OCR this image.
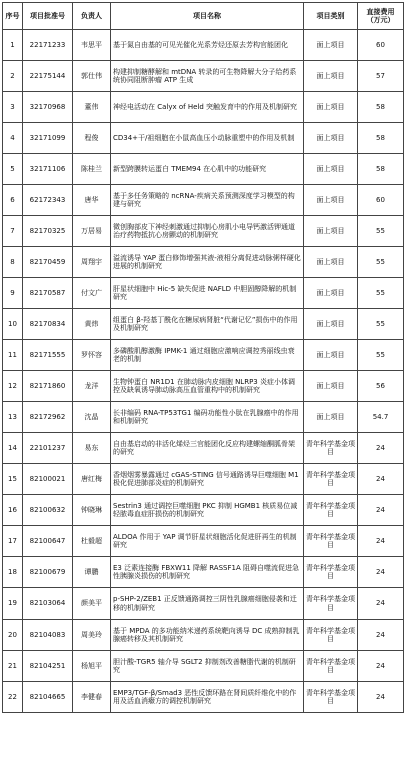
序号	项目批准号	负责人	项目名称	项目类别	直接费用
（万元）
1	22171233	韦思平	基于氮自由基的可见光催化光系芳烃还原去芳构官能团化	面上项目	60
2	22175144	郭仕伟	构建抑制糖酵解和 mtDNA 转录的可生物降解大分子给药系统协同阻断肿瘤 ATP 生成	面上项目	57
3	32170968	董伟	神经电活动在 Calyx of Held 突触发育中的作用及机制研究	面上项目	58
4	32171099	程俊	CD34+干/祖细胞在小鼠高血压小动脉重塑中的作用及机制	面上项目	58
5	32171106	陈桂兰	新型跨膜转运蛋白 TMEM94 在心肌中的功能研究	面上项目	58
6	62172343	唐华	基于多任务策略的 ncRNA-疾病关系预测深度学习模型的构建与研究	面上项目	60
7	82170325	万居易	微创胸部皮下神经刺激通过抑制心房肌小电导钙激活钾通道治疗药物抵抗心房颤动的机制研究	面上项目	55
8	82170459	周翔宇	溢流诱导 YAP 蛋白修饰增强其液-液相分离促进动脉粥样硬化进展的机制研究	面上项目	55
9	82170587	付文广	肝星状细胞中 Hic-5 缺失促进 NAFLD 中胆固醇降解的机制研究	面上项目	55
10	82170834	黄炜	组蛋白 β-羟基丁酰化在糖尿病肾脏“代谢记忆”损伤中的作用及机制研究	面上项目	55
11	82171555	罗怀容	多磷酸肌醇激酶 IPMK-1 通过细胞应激响应调控秀丽线虫衰老的机制	面上项目	55
12	82171860	龙洋	生物钟蛋白 NR1D1 在肺动脉内皮细胞 NLRP3 炎症小体调控及缺氧诱导肺动脉高压血管重构中的机制研究	面上项目	56
13	82172962	沈晶	长非编码 RNA-TP53TG1 编码功能性小肽在乳腺癌中的作用和机制研究	面上项目	54.7
14	22101237	易东	自由基启动的非活化烯烃三官能团化反应构建螺缩酮胍骨架的研究	青年科学基金项目	24
15	82100021	唐红梅	香烟烟雾暴露通过 cGAS-STING 信号通路诱导巨噬细胞 M1 极化促进肺部炎症的机制研究	青年科学基金项目	24
16	82100632	钟晓琳	Sestrin3 通过调控巨噬细胞 PKC 抑制 HGMB1 核质易位减轻脓毒血症肝损伤的机制研究	青年科学基金项目	24
17	82100647	杜毅超	ALDOA 作用于 YAP 调节肝星状细胞活化促进肝再生的机制研究	青年科学基金项目	24
18	82100679	谭鹏	E3 泛素连接酶 FBXW11 降解 RASSF1A 阻碍自噬流促进急性胰腺炎损伤的机制研究	青年科学基金项目	24
19	82103064	颜美平	p-SHP-2/ZEB1 正反馈通路调控三阴性乳腺癌细胞侵袭和迁移的机制研究	青年科学基金项目	24
20	82104083	周美玲	基于 MPDA 的多功能纳米递药系统靶向诱导 DC 成熟抑制乳腺癌转移及其机制研究	青年科学基金项目	24
21	82104251	杨旭平	胆汁酸-TGR5 轴介导 SGLT2 抑制剂改善糖脂代谢的机制研究	青年科学基金项目	24
22	82104665	李健春	EMP3/TGF-β/Smad3 恶性反馈环路在肾间质纤维化中的作用及活血消癥方的调控机制研究	青年科学基金项目	24
